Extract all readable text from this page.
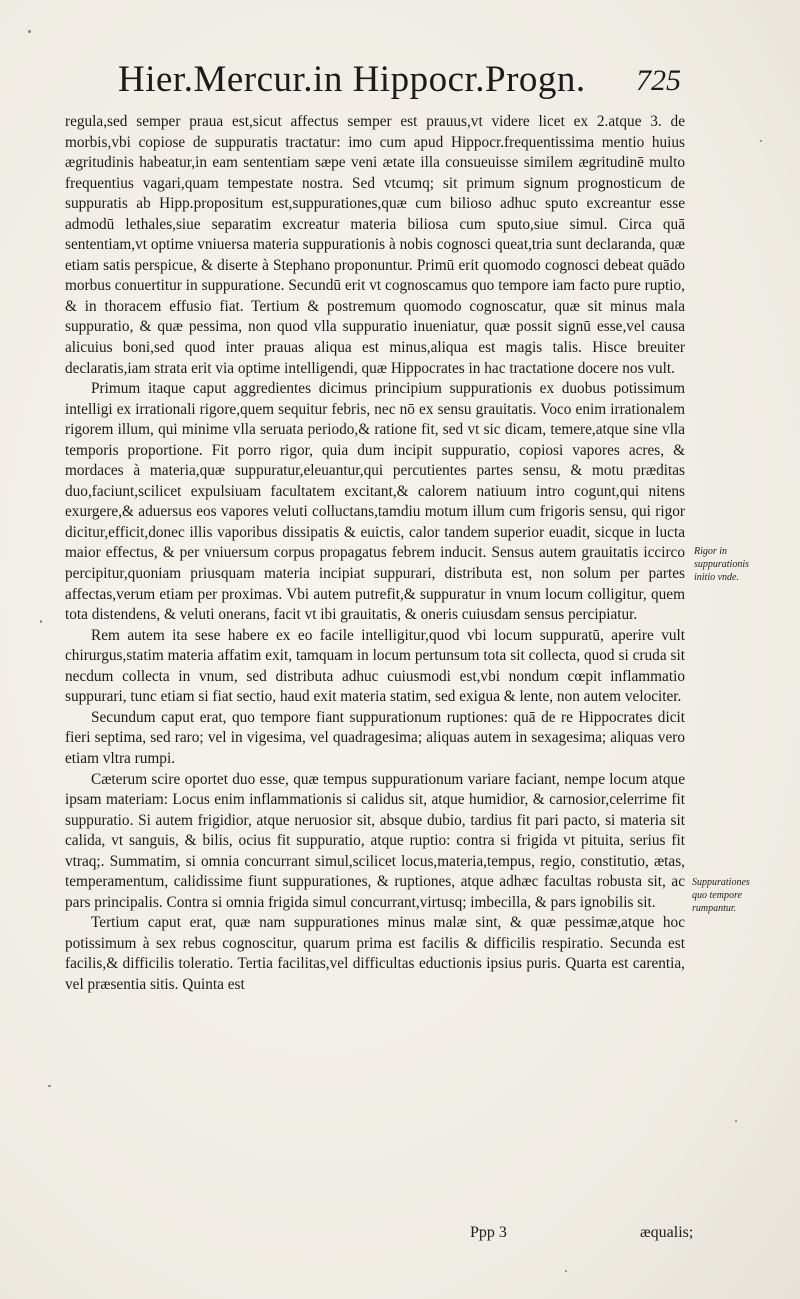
Hier.Mercur.in Hippocr.Progn.	725

regula,sed semper praua est,sicut affectus semper est prauus,vt videre licet ex 2.atque 3. de morbis,vbi copiose de suppuratis tractatur: imo cum apud Hippocr.frequentissima mentio huius ægritudinis habeatur,in eam sententiam sæpe veni ætate illa consueuisse similem ægritudinē multo frequentius vagari,quam tempestate nostra. Sed vtcumq; sit primum signum prognosticum de suppuratis ab Hipp.propositum est,suppurationes,quæ cum bilioso adhuc sputo excreantur esse admodū lethales,siue separatim excreatur materia biliosa cum sputo,siue simul. Circa quā sententiam,vt optime vniuersa materia suppurationis à nobis cognosci queat,tria sunt declaranda, quæ etiam satis perspicue, & diserte à Stephano proponuntur. Primū erit quomodo cognosci debeat quādo morbus conuertitur in suppuratione. Secundū erit vt cognoscamus quo tempore iam facto pure ruptio, & in thoracem effusio fiat. Tertium & postremum quomodo cognoscatur, quæ sit minus mala suppuratio, & quæ pessima, non quod vlla suppuratio inueniatur, quæ possit signū esse,vel causa alicuius boni,sed quod inter prauas aliqua est minus,aliqua est magis talis. Hisce breuiter declaratis,iam strata erit via optime intelligendi, quæ Hippocrates in hac tractatione docere nos vult.

Primum itaque caput aggredientes dicimus principium suppurationis ex duobus potissimum intelligi ex irrationali rigore,quem sequitur febris, nec nō ex sensu grauitatis. Voco enim irrationalem rigorem illum, qui minime vlla seruata periodo,& ratione fit, sed vt sic dicam, temere,atque sine vlla temporis proportione. Fit porro rigor, quia dum incipit suppuratio, copiosi vapores acres, & mordaces à materia,quæ suppuratur,eleuantur,qui percutientes partes sensu, & motu præditas duo,faciunt,scilicet expulsiuam facultatem excitant,& calorem natiuum intro cogunt,qui nitens exurgere,& aduersus eos vapores veluti colluctans,tamdiu motum illum cum frigoris sensu, qui rigor dicitur,efficit,donec illis vaporibus dissipatis & euictis, calor tandem superior euadit, sicque in lucta maior effectus, & per vniuersum corpus propagatus febrem inducit. Sensus autem grauitatis iccirco percipitur,quoniam priusquam materia incipiat suppurari, distributa est, non solum per partes affectas,verum etiam per proximas. Vbi autem putrefit,& suppuratur in vnum locum colligitur, quem tota distendens, & veluti onerans, facit vt ibi grauitatis, & oneris cuiusdam sensus percipiatur.

Rem autem ita sese habere ex eo facile intelligitur,quod vbi locum suppuratū, aperire vult chirurgus,statim materia affatim exit, tamquam in locum pertunsum tota sit collecta, quod si cruda sit necdum collecta in vnum, sed distributa adhuc cuiusmodi est,vbi nondum cœpit inflammatio suppurari, tunc etiam si fiat sectio, haud exit materia statim, sed exigua & lente, non autem velociter.

Secundum caput erat, quo tempore fiant suppurationum ruptiones: quā de re Hippocrates dicit fieri septima, sed raro; vel in vigesima, vel quadragesima; aliquas autem in sexagesima; aliquas vero etiam vltra rumpi.

Cæterum scire oportet duo esse, quæ tempus suppurationum variare faciant, nempe locum atque ipsam materiam: Locus enim inflammationis si calidus sit, atque humidior, & carnosior,celerrime fit suppuratio. Si autem frigidior, atque neruosior sit, absque dubio, tardius fit pari pacto, si materia sit calida, vt sanguis, & bilis, ocius fit suppuratio, atque ruptio: contra si frigida vt pituita, serius fit vtraq;. Summatim, si omnia concurrant simul,scilicet locus,materia,tempus, regio, constitutio, ætas, temperamentum, calidissime fiunt suppurationes, & ruptiones, atque adhæc facultas robusta sit, ac pars principalis. Contra si omnia frigida simul concurrant,virtusq; imbecilla, & pars ignobilis sit.

Tertium caput erat, quæ nam suppurationes minus malæ sint, & quæ pessimæ,atque hoc potissimum à sex rebus cognoscitur, quarum prima est facilis & difficilis respiratio. Secunda est facilis,& difficilis toleratio. Tertia facilitas,vel difficultas eductionis ipsius puris. Quarta est carentia, vel præsentia sitis. Quinta est

Rigor in suppurationis initio vnde.
Suppurationes quo tempore rumpantur.
Ppp 3	æqualis;
